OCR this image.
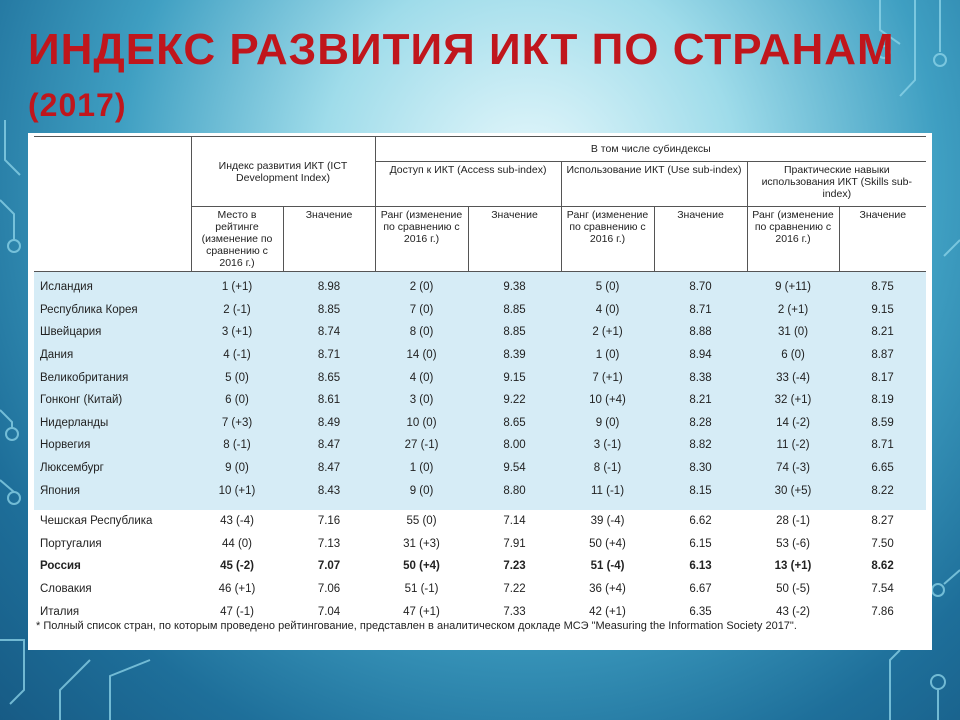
ИНДЕКС РАЗВИТИЯ ИКТ ПО СТРАНАМ (2017)
	Индекс развития ИКТ (ICT Development Index)		В том числе субиндексы					
			Доступ к ИКТ (Access sub-index)		Использование ИКТ (Use sub-index)		Практические навыки использования ИКТ (Skills sub-index)	
	Место в рейтинге (изменение по сравнению с 2016 г.)	Значение	Ранг (изменение по сравнению с 2016 г.)	Значение	Ранг (изменение по сравнению с 2016 г.)	Значение	Ранг (изменение по сравнению с 2016 г.)	Значение
Исландия	1 (+1)	8.98	2 (0)	9.38	5 (0)	8.70	9 (+11)	8.75
Республика Корея	2 (-1)	8.85	7 (0)	8.85	4 (0)	8.71	2 (+1)	9.15
Швейцария	3 (+1)	8.74	8 (0)	8.85	2 (+1)	8.88	31 (0)	8.21
Дания	4 (-1)	8.71	14 (0)	8.39	1 (0)	8.94	6 (0)	8.87
Великобритания	5 (0)	8.65	4 (0)	9.15	7 (+1)	8.38	33 (-4)	8.17
Гонконг (Китай)	6 (0)	8.61	3 (0)	9.22	10 (+4)	8.21	32 (+1)	8.19
Нидерланды	7 (+3)	8.49	10 (0)	8.65	9 (0)	8.28	14 (-2)	8.59
Норвегия	8 (-1)	8.47	27 (-1)	8.00	3 (-1)	8.82	11 (-2)	8.71
Люксембург	9 (0)	8.47	1 (0)	9.54	8 (-1)	8.30	74 (-3)	6.65
Япония	10 (+1)	8.43	9 (0)	8.80	11 (-1)	8.15	30 (+5)	8.22

Чешская Республика	43 (-4)	7.16	55 (0)	7.14	39 (-4)	6.62	28 (-1)	8.27
Португалия	44 (0)	7.13	31 (+3)	7.91	50 (+4)	6.15	53 (-6)	7.50
Россия	45 (-2)	7.07	50 (+4)	7.23	51 (-4)	6.13	13 (+1)	8.62
Словакия	46 (+1)	7.06	51 (-1)	7.22	36 (+4)	6.67	50 (-5)	7.54
Италия	47 (-1)	7.04	47 (+1)	7.33	42 (+1)	6.35	43 (-2)	7.86
* Полный список стран, по которым проведено рейтингование, представлен в аналитическом докладе МСЭ "Measuring the Information Society 2017".
